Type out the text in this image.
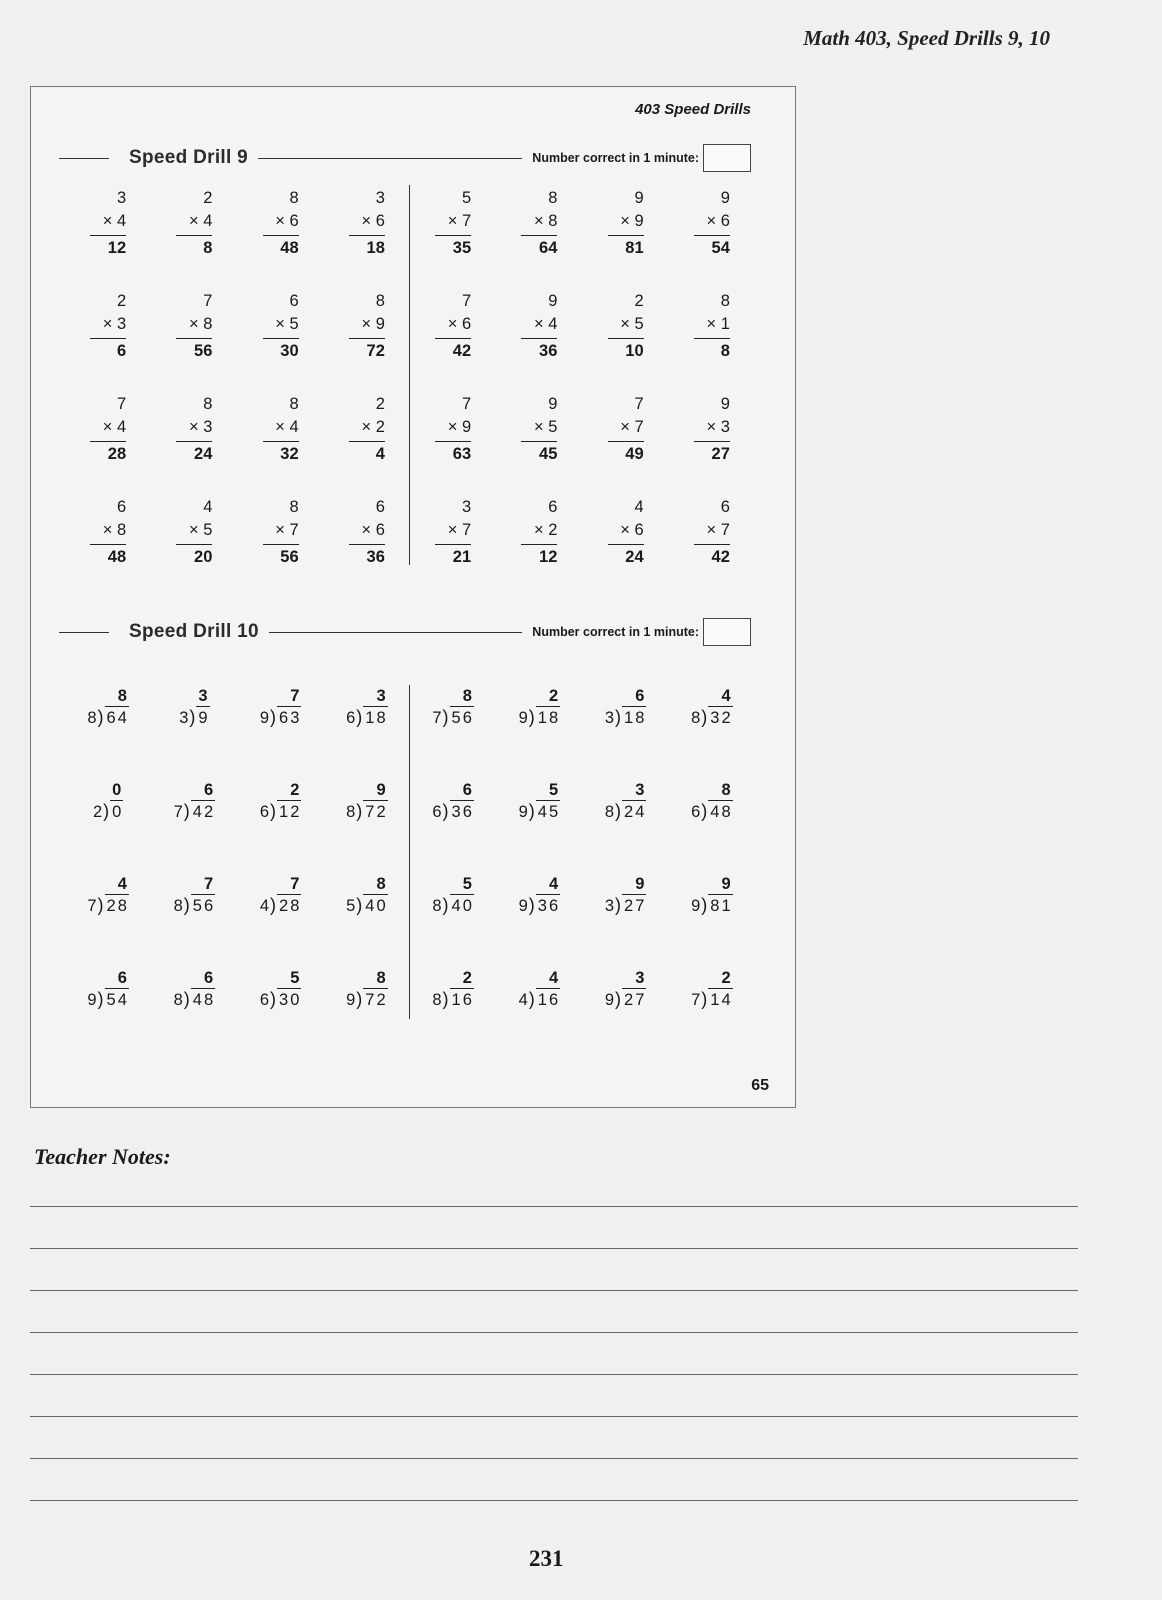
Math 403, Speed Drills 9, 10
403 Speed Drills
Speed Drill 9	Number correct in 1 minute:
3
× 4
12
2
× 4
8
8
× 6
48
3
× 6
18
5
× 7
35
8
× 8
64
9
× 9
81
9
× 6
54
2
× 3
6
7
× 8
56
6
× 5
30
8
× 9
72
7
× 6
42
9
× 4
36
2
× 5
10
8
× 1
8
7
× 4
28
8
× 3
24
8
× 4
32
2
× 2
4
7
× 9
63
9
× 5
45
7
× 7
49
9
× 3
27
6
× 8
48
4
× 5
20
8
× 7
56
6
× 6
36
3
× 7
21
6
× 2
12
4
× 6
24
6
× 7
42
Speed Drill 10	Number correct in 1 minute:
8
8 ) 64
3
3 ) 9
7
9 ) 63
3
6 ) 18
8
7 ) 56
2
9 ) 18
6
3 ) 18
4
8 ) 32
0
2 ) 0
6
7 ) 42
2
6 ) 12
9
8 ) 72
6
6 ) 36
5
9 ) 45
3
8 ) 24
8
6 ) 48
4
7 ) 28
7
8 ) 56
7
4 ) 28
8
5 ) 40
5
8 ) 40
4
9 ) 36
9
3 ) 27
9
9 ) 81
6
9 ) 54
6
8 ) 48
5
6 ) 30
8
9 ) 72
2
8 ) 16
4
4 ) 16
3
9 ) 27
2
7 ) 14
65
Teacher Notes:
231
